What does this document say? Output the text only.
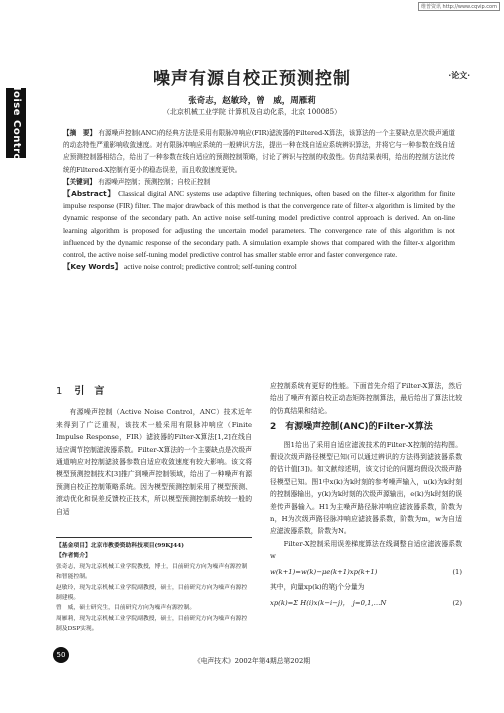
维普资讯 http://www.cqvip.com
Noise Control
噪声有源自校正预测控制	·论文·
张奇志，赵敏玲，曾　威，周雁莉
（北京机械工业学院 计算机及自动化系，北京 100085）
【摘　要】 有源噪声控制(ANC)的经典方法是采用有限脉冲响应(FIR)滤波器的Filtered-X算法，该算法的一个主要缺点是次级声通道的动态特性严重影响收敛速度。对有限脉冲响应系统的一般辨识方法，提出一种在线自适应系统辨识算法，并将它与一种参数在线自适应预测控制器相结合，给出了一种参数在线自适应的预测控制策略，讨论了辨识与控制的收敛性。仿真结果表明，给出的控制方法比传统的Filtered-X控制有更小的稳态误差，而且收敛速度更快。
【关键词】 有源噪声控制；预测控制；自校正控制
【Abstract】 Classical digital ANC systems use adaptive filtering techniques, often based on the filter-x algorithm for finite impulse response (FIR) filter. The major drawback of this method is that the convergence rate of filter-x algorithm is limited by the dynamic response of the secondary path. An active noise self-tuning model predictive control approach is derived. An on-line learning algorithm is proposed for adjusting the uncertain model parameters. The convergence rate of this algorithm is not influenced by the dynamic response of the secondary path. A simulation example shows that compared with the filter-x algorithm control, the active noise self-tuning model predictive control has smaller stable error and faster convergence rate.
【Key Words】 active noise control; predictive control; self-tuning control
1 引　言
有源噪声控制（Active Noise Control，ANC）技术近年来得到了广泛重视，该技术一般采用有限脉冲响应（Finite Impulse Response，FIR）滤波器的Filter-X算法[1,2]在线自适应调节控制滤波器系数。Filter-X算法的一个主要缺点是次级声通道响应对控制滤波器参数自适应收敛速度有较大影响。该文将模型预测控制技术[3]推广到噪声控制领域，给出了一种噪声有源预测自校正控制策略系统。因为模型预测控制采用了模型预测、滚动优化和误差反馈校正技术，所以模型预测控制系统较一般的自适
【基金项目】北京市教委资助科技项目(99KJ44)
【作者简介】
张奇志，现为北京机械工业学院教授，博士，目前研究方向为噪声有源控制和智能控制。
赵敏玲，现为北京机械工业学院副教授，硕士，目前研究方向为噪声有源控制建模。
曾　威，硕士研究生，目前研究方向为噪声有源控制。
周雁莉，现为北京机械工业学院副教授，硕士，目前研究方向为噪声有源控制及DSP实现。
应控制系统有更好的性能。下面首先介绍了Filter-X算法，然后给出了噪声有源自校正动态矩阵控制算法，最后给出了算法比较的仿真结果和结论。
2　有源噪声控制(ANC)的Filter-X算法
图1给出了采用自适应滤波技术的Filter-X控制的结构图。假设次级声路径模型已知(可以通过辨识的方法得到滤波器系数的估计值[3])。如文献综述明，该文讨论的问题均假设次级声路径模型已知。图1中x(k)为k时刻的参考噪声输入，u(k)为k时刻的控制器输出，y(k)为k时刻的次级声源输出，e(k)为k时刻的误差传声器输入。H1为主噪声路径脉冲响应滤波器系数，阶数为n，H为次级声路径脉冲响应滤波器系数，阶数为m，w为自适应滤波器系数，阶数为N。
Filter-X控制采用误差梯度算法在线调整自适应滤波器系数w
w(k+1)=w(k)−μe(k+1)xp(k+1)	(1)
其中，向量xp(k)的第j个分量为
xp(k)=Σ H(i)x(k−i−j)，　j=0,1,…N	(2)
50
《电声技术》2002年第4期总第202期
